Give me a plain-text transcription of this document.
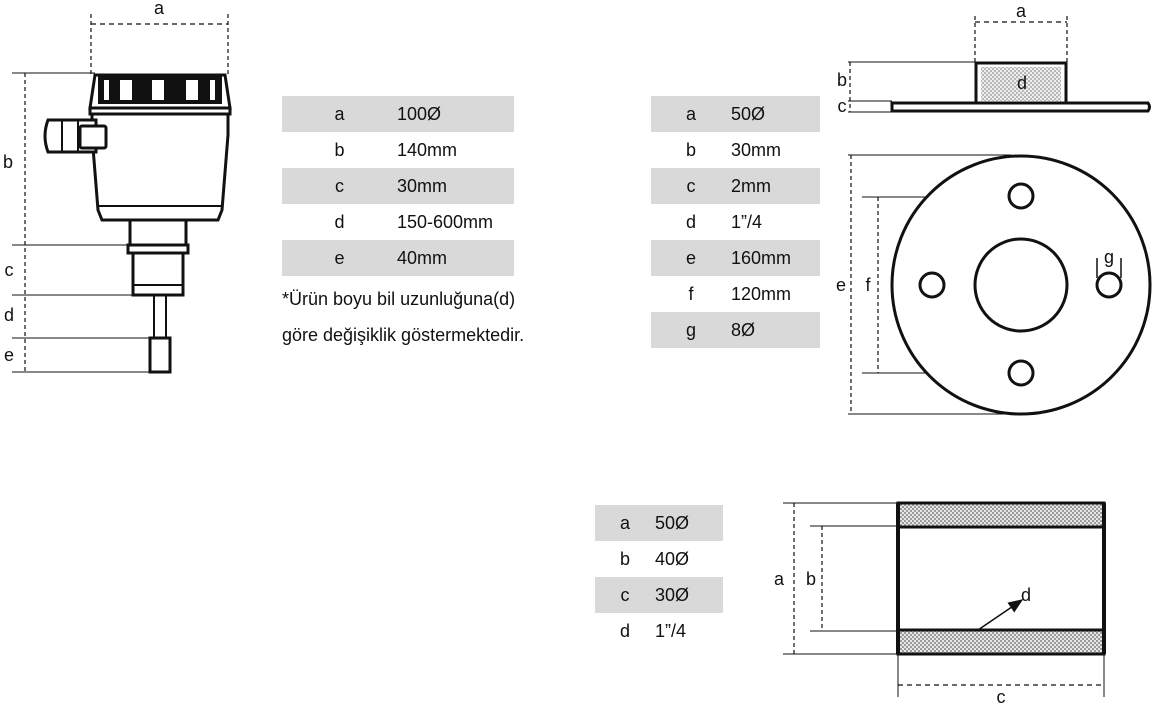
a
b
c
d
e
a
b
c
d
e f
g
a b
c
d
a	100Ø
b	140mm
c	30mm
d	150-600mm
e	40mm
*Ürün boyu bil uzunluğuna(d)
göre değişiklik göstermektedir.
a	50Ø
b	30mm
c	2mm
d	1”/4
e	160mm
f	120mm
g	8Ø
a	50Ø
b	40Ø
c	30Ø
d	1”/4
